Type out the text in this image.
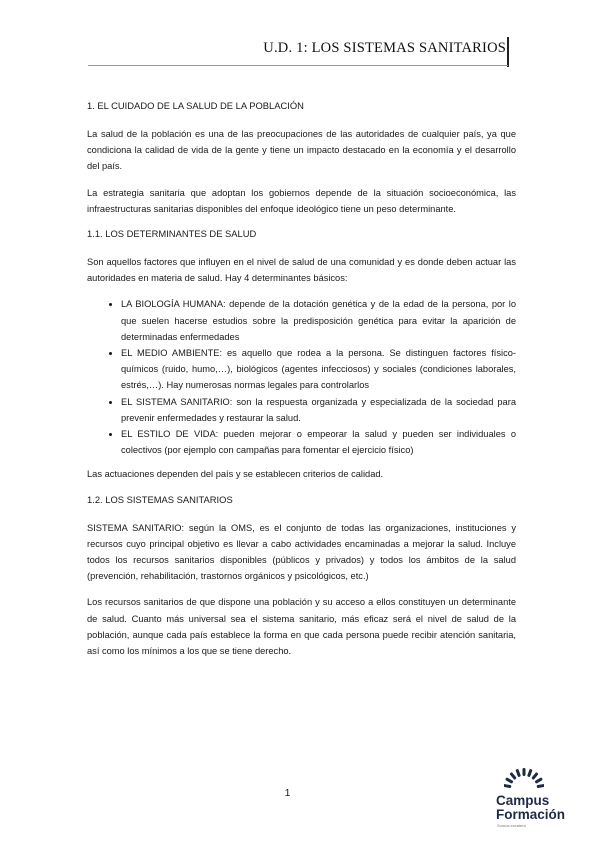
U.D. 1: LOS SISTEMAS SANITARIOS
1. EL CUIDADO DE LA SALUD DE LA POBLACIÓN

La salud de la población es una de las preocupaciones de las autoridades de cualquier país, ya que condiciona la calidad de vida de la gente y tiene un impacto destacado en la economía y el desarrollo del país.

La estrategia sanitaria que adoptan los gobiernos depende de la situación socioeconómica, las infraestructuras sanitarias disponibles del enfoque ideológico tiene un peso determinante.

1.1. LOS DETERMINANTES DE SALUD

Son aquellos factores que influyen en el nivel de salud de una comunidad y es donde deben actuar las autoridades en materia de salud. Hay 4 determinantes básicos:

• LA BIOLOGÍA HUMANA: depende de la dotación genética y de la edad de la persona, por lo que suelen hacerse estudios sobre la predisposición genética para evitar la aparición de determinadas enfermedades
• EL MEDIO AMBIENTE: es aquello que rodea a la persona. Se distinguen factores físico-químicos (ruido, humo,…), biológicos (agentes infecciosos) y sociales (condiciones laborales, estrés,…). Hay numerosas normas legales para controlarlos
• EL SISTEMA SANITARIO: son la respuesta organizada y especializada de la sociedad para prevenir enfermedades y restaurar la salud.
• EL ESTILO DE VIDA: pueden mejorar o empeorar la salud y pueden ser individuales o colectivos (por ejemplo con campañas para fomentar el ejercicio físico)

Las actuaciones dependen del país y se establecen criterios de calidad.

1.2. LOS SISTEMAS SANITARIOS

SISTEMA SANITARIO: según la OMS, es el conjunto de todas las organizaciones, instituciones y recursos cuyo principal objetivo es llevar a cabo actividades encaminadas a mejorar la salud. Incluye todos los recursos sanitarios disponibles (públicos y privados) y todos los ámbitos de la salud (prevención, rehabilitación, trastornos orgánicos y psicológicos, etc.)

Los recursos sanitarios de que dispone una población y su acceso a ellos constituyen un determinante de salud. Cuanto más universal sea el sistema sanitario, más eficaz será el nivel de salud de la población, aunque cada país establece la forma en que cada persona puede recibir atención sanitaria, así como los mínimos a los que se tiene derecho.

1	Campus
Formación
Somos escalera
